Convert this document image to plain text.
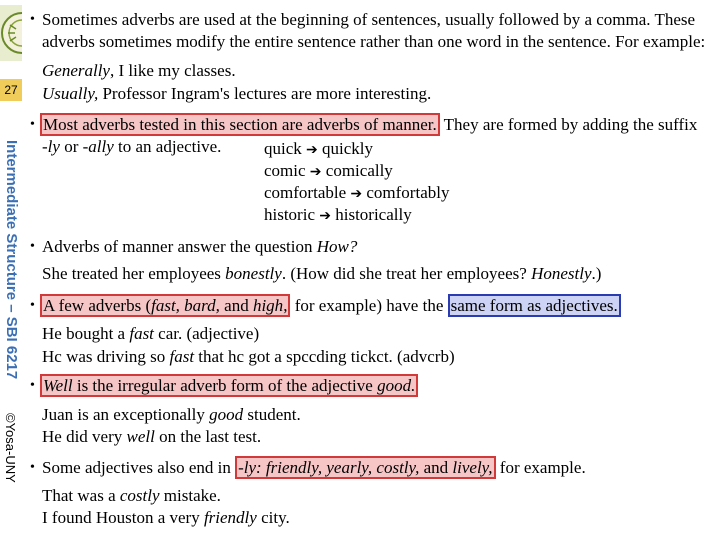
27
Intermediate Structure – SBI 6217
©Yosa-UNY
• Sometimes adverbs are used at the beginning of sentences, usually followed by a comma. These
adverbs sometimes modify the entire sentence rather than one word in the sentence. For example:
Generally, I like my classes.
Usually, Professor Ingram's lectures are more interesting.
• Most adverbs tested in this section are adverbs of manner. They are formed by adding the suffix
-ly or -ally to an adjective.	quick ➔ quickly
comic ➔ comically
comfortable ➔ comfortably
historic ➔ historically
• Adverbs of manner answer the question How?
She treated her employees bonestly. (How did she treat her employees? Honestly.)
• A few adverbs (fast, bard, and high, for example) have the same form as adjectives.
He bought a fast car. (adjective)
Hc was driving so fast that hc got a spccding tickct. (advcrb)
• Well is the irregular adverb form of the adjective good.
Juan is an exceptionally good student.
He did very well on the last test.
• Some adjectives also end in -ly: friendly, yearly, costly, and lively, for example.
That was a costly mistake.
I found Houston a very friendly city.
